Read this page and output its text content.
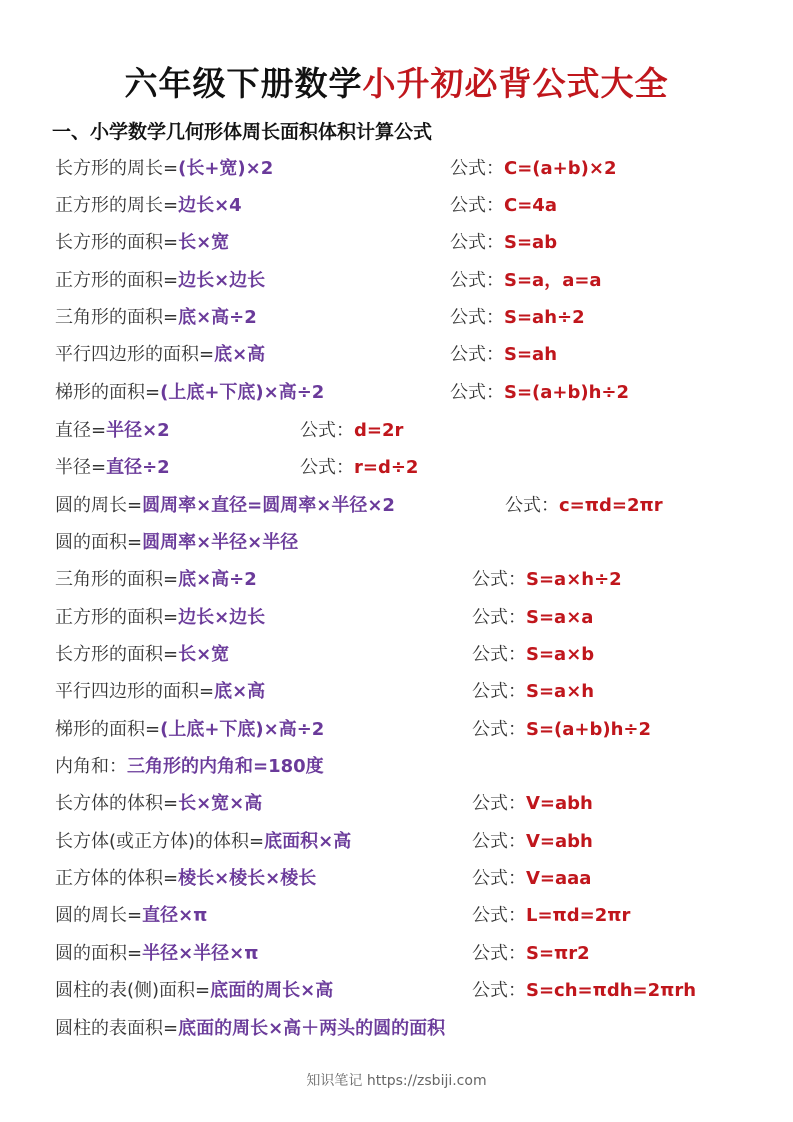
六年级下册数学小升初必背公式大全
一、小学数学几何形体周长面积体积计算公式
长方形的周长=(长+宽)×2	公式：C=(a+b)×2
正方形的周长=边长×4	公式：C=4a
长方形的面积=长×宽	公式：S=ab
正方形的面积=边长×边长	公式：S=a，a=a
三角形的面积=底×高÷2	公式：S=ah÷2
平行四边形的面积=底×高	公式：S=ah
梯形的面积=(上底+下底)×高÷2	公式：S=(a+b)h÷2
直径=半径×2	公式：d=2r
半径=直径÷2	公式：r=d÷2
圆的周长=圆周率×直径=圆周率×半径×2	公式：c=πd=2πr
圆的面积=圆周率×半径×半径
三角形的面积=底×高÷2	公式：S=a×h÷2
正方形的面积=边长×边长	公式：S=a×a
长方形的面积=长×宽	公式：S=a×b
平行四边形的面积=底×高	公式：S=a×h
梯形的面积=(上底+下底)×高÷2	公式：S=(a+b)h÷2
内角和：三角形的内角和=180度
长方体的体积=长×宽×高	公式：V=abh
长方体(或正方体)的体积=底面积×高	公式：V=abh
正方体的体积=棱长×棱长×棱长	公式：V=aaa
圆的周长=直径×π	公式：L=πd=2πr
圆的面积=半径×半径×π	公式：S=πr2
圆柱的表(侧)面积=底面的周长×高	公式：S=ch=πdh=2πrh
圆柱的表面积=底面的周长×高＋两头的圆的面积
知识笔记 https://zsbiji.com
